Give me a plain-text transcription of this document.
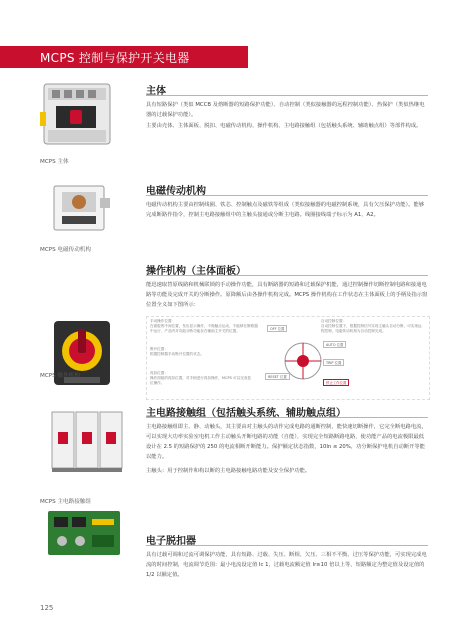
MCPS 控制与保护开关电器
主体

具有短路保护（类似 MCCB 及熔断器的短路保护功能）、自动控制（类似接触器的远程控制功能）、热保护（类似热继电器的过载保护功能）。

主要由壳体、主体面板、脱扣、电磁传动机构、操作机构、主电路接触组（包括触头系统、辅助触点组）等部件构成。

MCPS 主体
电磁传动机构

电磁传动机构主要由控制线圈、铁芯、控制触点及磁铁等组成（类似接触器的电磁控制系统，具有欠压保护功能）。能够完成断路作指令，控制主电路接触组中的主触头接通或分断主电路。线圈接线端子标示为 A1、A2。

MCPS 电磁传动机构
操作机构（主体面板）

能迅速取替原线路和机械联锁的手动操作功能，具有断路器的短路和过载保护机能，通过控制操作切断控制电路和接通电路等功能及完成开关的分断操作。原降额后由各操作机构完成。MCPS 操作机构在工作状态在主体面板上的手柄及指示窗位置全义如下图所示：

MCPS 操作机构

手动操作位置：
在面板的中间位置，发出显示操作，不做触点运动，不能够在断路器中运行，产品内对功能分断功能存在辅助主开关的位置。

自动控制位置：
自动控制位置下，根据控制信号实现主触头自动分断，可实现远程控制，电磁传动机构为自动控制完成。

断开位置：
根据控制器手动断开位置的状态。

再扣位置：
操作面板的再扣位置，对手柄进行再扣操作，MCPS 可以完成复位操作。

OFF 位置
AUTO 位置
RESET 位置
TRIP 位置
停止工作位置
主电路接触组（包括触头系统、辅助触点组）

主电路接触组即主、静、动触头，其主要由对主触头的动作完成电路的通断控制，能快速切断操作，它完全断电路电流，可以实现大功率实验室电机工作主动触头开断电路的功能（自能），实现完全短路断路电路，使功能产品的电流极限最低设计在 2.5 的短路保护的 250 的电流相断开断能力。保护额定状态指数，10In ≤ 20%，功分断保护电机自动断开等能以能力。

主触头：用于控制作和构以断的主电路接触电路功能及安全保护功能。

MCPS 主电路接触组
电子脱扣器

具有过载可调和过流可调保护功能，具有短路、过载、失压、断相、欠压、三相不平衡、过压等保护功能，可实现完成电流的时间控制，电流调节范围：最小电流设定值 Ic 1，过载电流额定值 Ir≥10 倍以上等，短路额定为整定值及设定值的 1/2 以额定值。

125
